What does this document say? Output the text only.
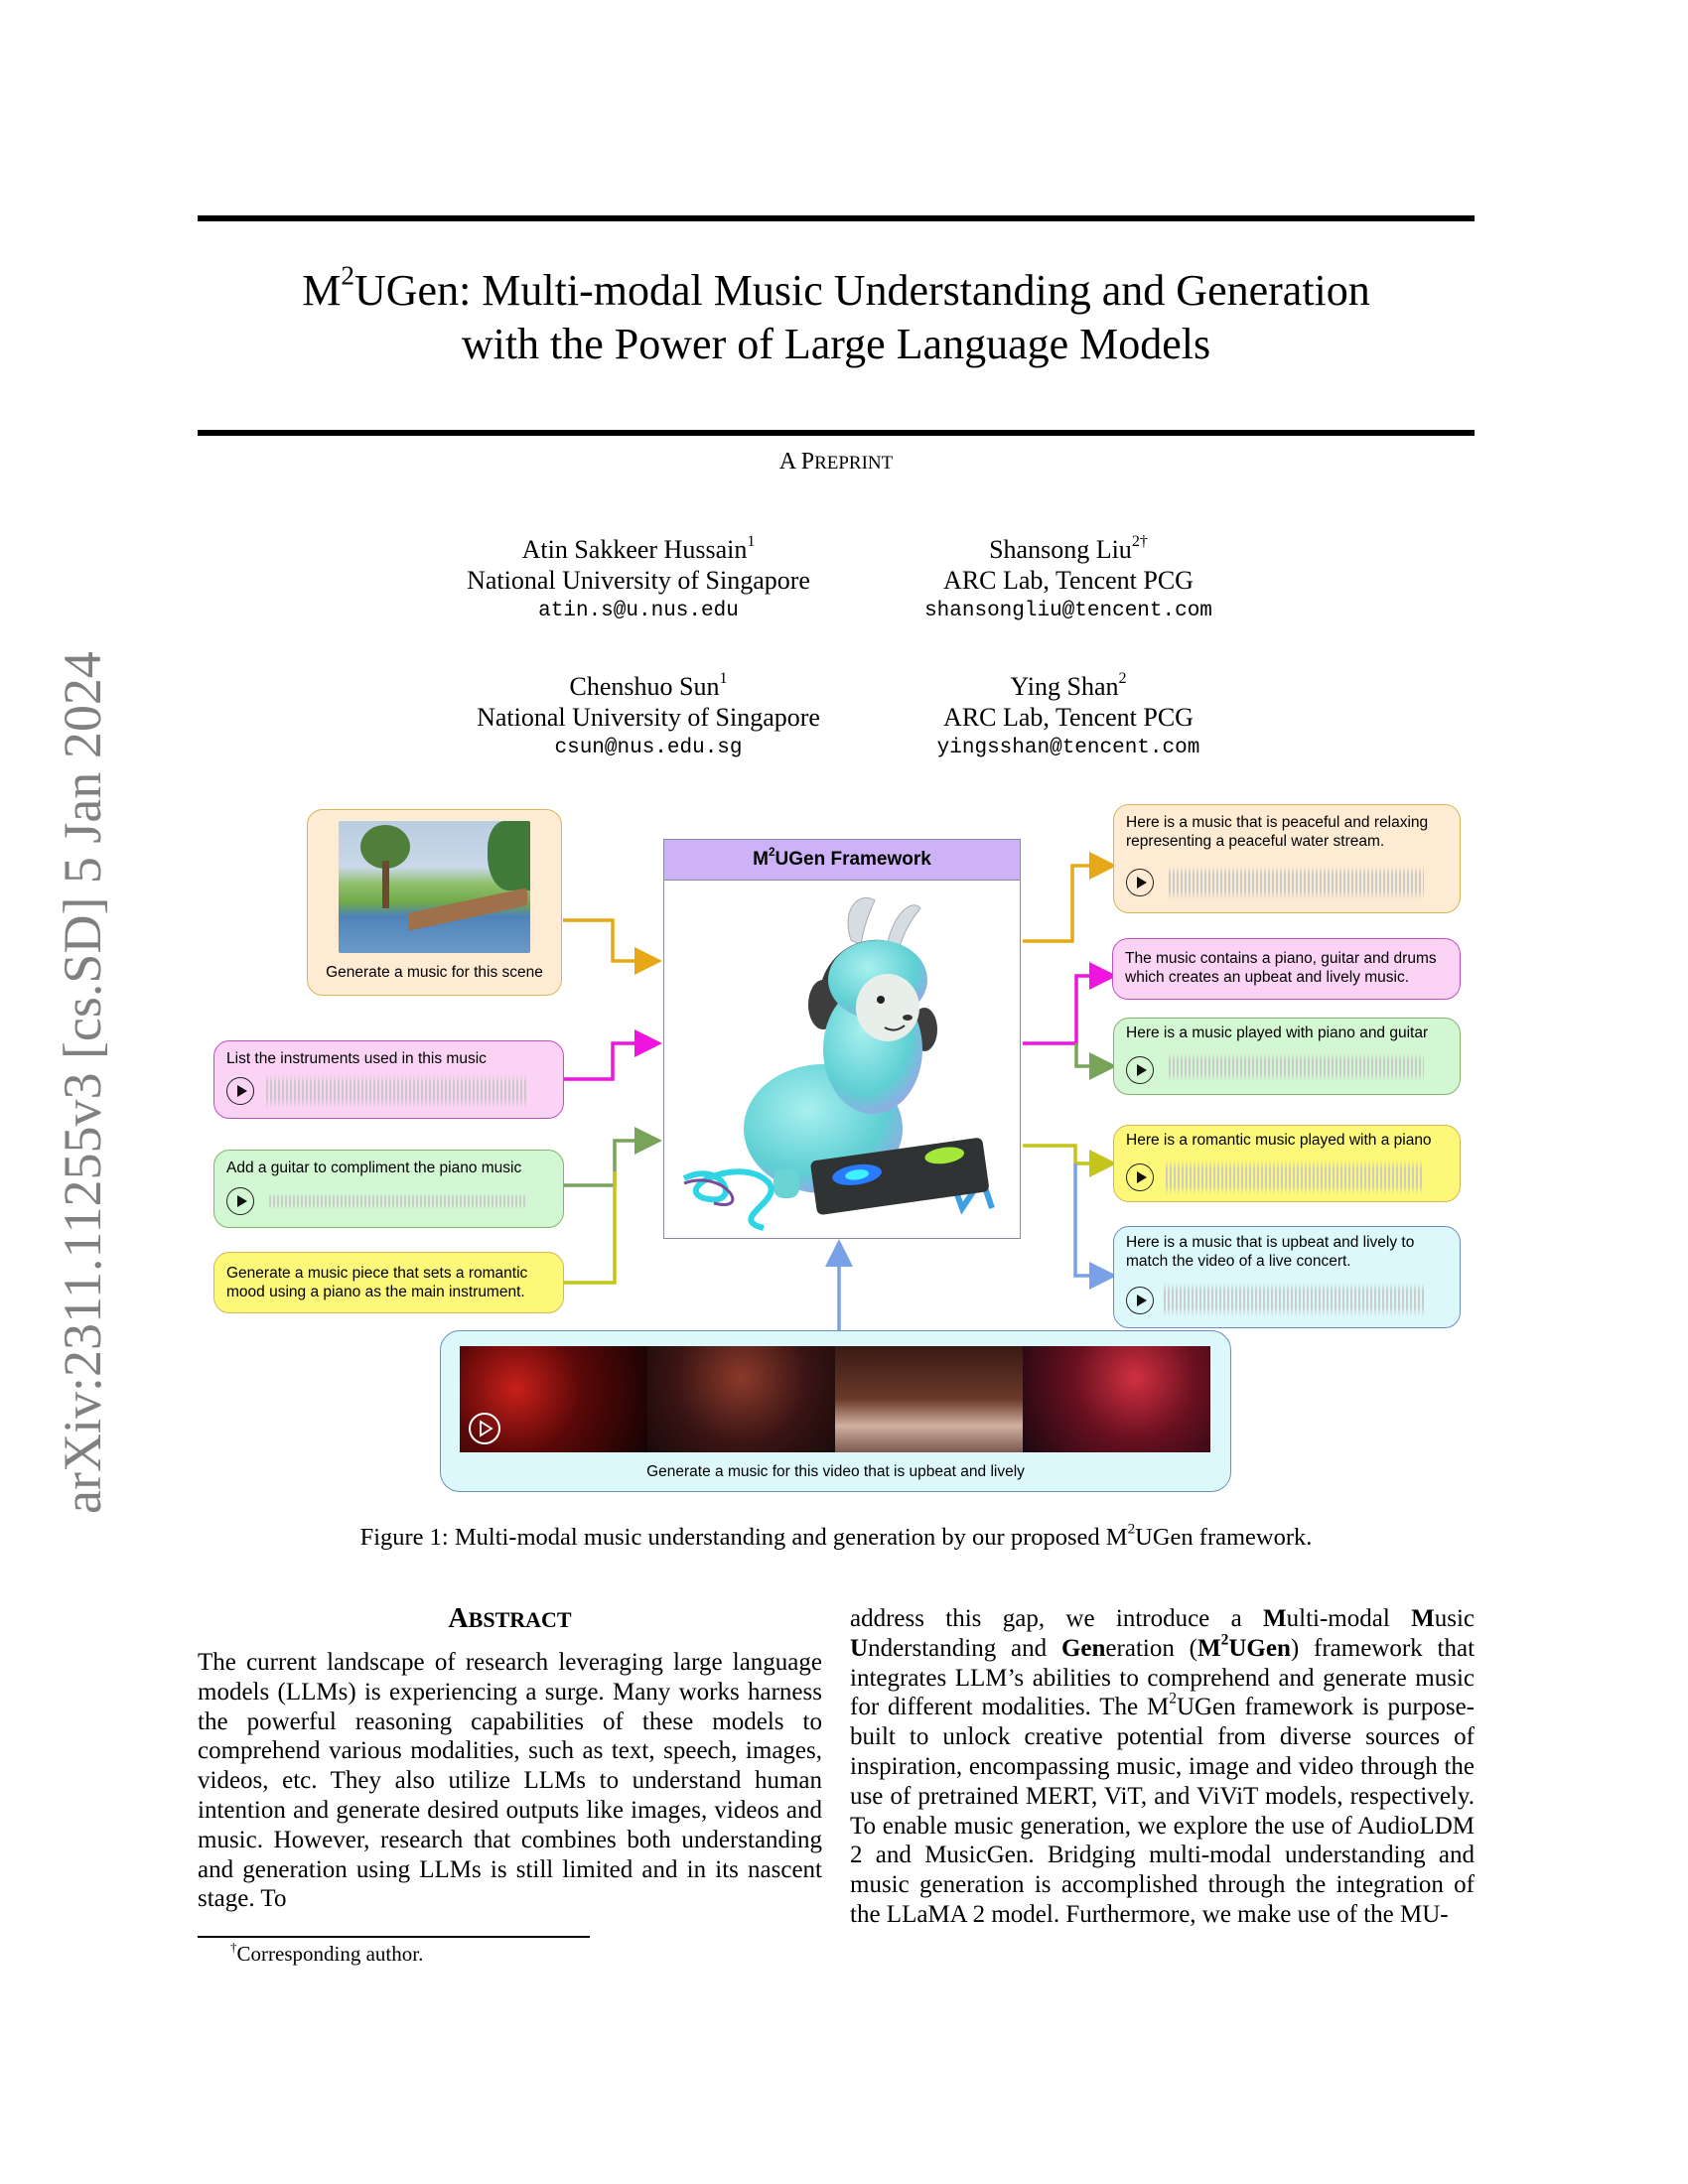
arXiv:2311.11255v3 [cs.SD] 5 Jan 2024
$M^2UGen$: Multi-modal Music Understanding and Generation
with the Power of Large Language Models
A PREPRINT
Atin Sakkeer Hussain$^1$
National University of Singapore
atin.s@u.nus.edu
Shansong Liu$^{2\dagger}$
ARC Lab, Tencent PCG
shansongliu@tencent.com
Chenshuo Sun$^1$
National University of Singapore
csun@nus.edu.sg
Ying Shan$^2$
ARC Lab, Tencent PCG
yingsshan@tencent.com
Generate a music for this scene
List the instruments used in this music
Add a guitar to compliment the piano music
Generate a music piece that sets a romantic mood using a piano as the main instrument.
$M^2UGen$ Framework
Here is a music that is peaceful and relaxing representing a peaceful water stream.
The music contains a piano, guitar and drums which creates an upbeat and lively music.
Here is a music played with piano and guitar
Here is a romantic music played with a piano
Here is a music that is upbeat and lively to match the video of a live concert.
Generate a music for this video that is upbeat and lively
Figure 1: Multi-modal music understanding and generation by our proposed $M^2UGen$ framework.
ABSTRACT
The current landscape of research leveraging large language models (LLMs) is experiencing a surge. Many works harness the powerful reasoning capabilities of these models to comprehend various modalities, such as text, speech, images, videos, etc. They also utilize LLMs to understand human intention and generate desired outputs like images, videos and music. However, research that combines both understanding and generation using LLMs is still limited and in its nascent stage. To
address this gap, we introduce a Multi-modal Music Understanding and Generation $(M^2UGen)$ framework that integrates LLM’s abilities to comprehend and generate music for different modalities. The $M^2UGen$ framework is purpose-built to unlock creative potential from diverse sources of inspiration, encompassing music, image and video through the use of pretrained MERT, ViT, and ViViT models, respectively. To enable music generation, we explore the use of AudioLDM 2 and MusicGen. Bridging multi-modal understanding and music generation is accomplished through the integration of the LLaMA 2 model. Furthermore, we make use of the MU-
†Corresponding author.
